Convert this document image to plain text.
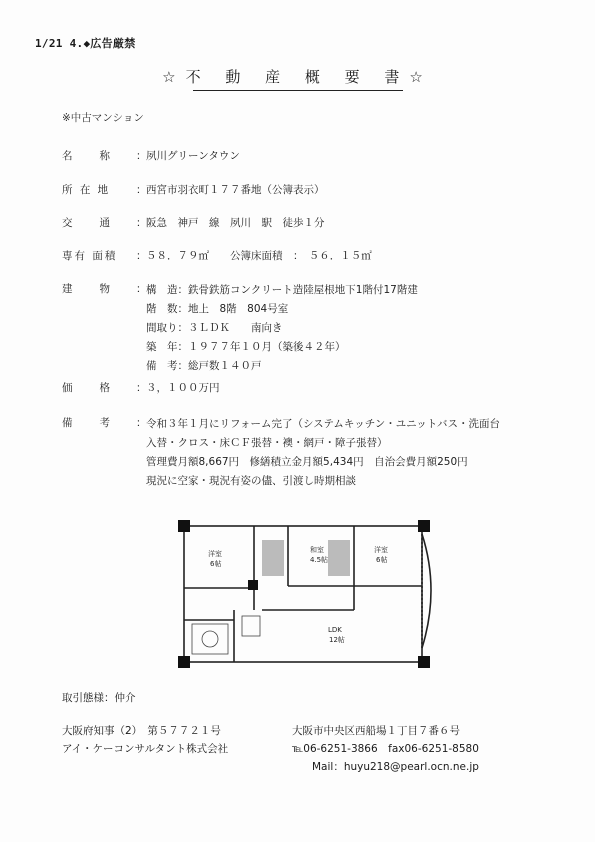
1/21 4.◆広告厳禁
☆不 動 産 概 要 書☆
※中古マンション
名　　称	： 夙川グリーンタウン
所 在 地	： 西宮市羽衣町１７７番地（公簿表示）
交　　通	： 阪急　神戸　線　夙川　駅　徒歩１分
専有 面積	： ５８．７９㎡　　公簿床面積　：　５６．１５㎡
建　　物	： 構　造：鉄骨鉄筋コンクリート造陸屋根地下1階付17階建
階　数：地上　8階　804号室
間取り：３ＬＤＫ　　南向き
築　年：１９７７年１０月（築後４２年）
備　考：総戸数１４０戸
価　　格	： ３，１００万円
備　　考	： 令和３年１月にリフォーム完了（システムキッチン・ユニットバス・洗面台
入替・クロス・床ＣＦ張替・襖・網戸・障子張替）
管理費月額8,667円　修繕積立金月額5,434円　自治会費月額250円
現況に空家・現況有姿の儘、引渡し時期相談
洋室
6帖
和室
4.5帖
洋室
6帖
LDK
12帖
取引態様：仲介
大阪府知事（2）　第５７７２１号
アイ・ケーコンサルタント株式会社
大阪市中央区西船場１丁目７番６号
℡06-6251-3866　fax06-6251-8580
Mail：huyu218@pearl.ocn.ne.jp
